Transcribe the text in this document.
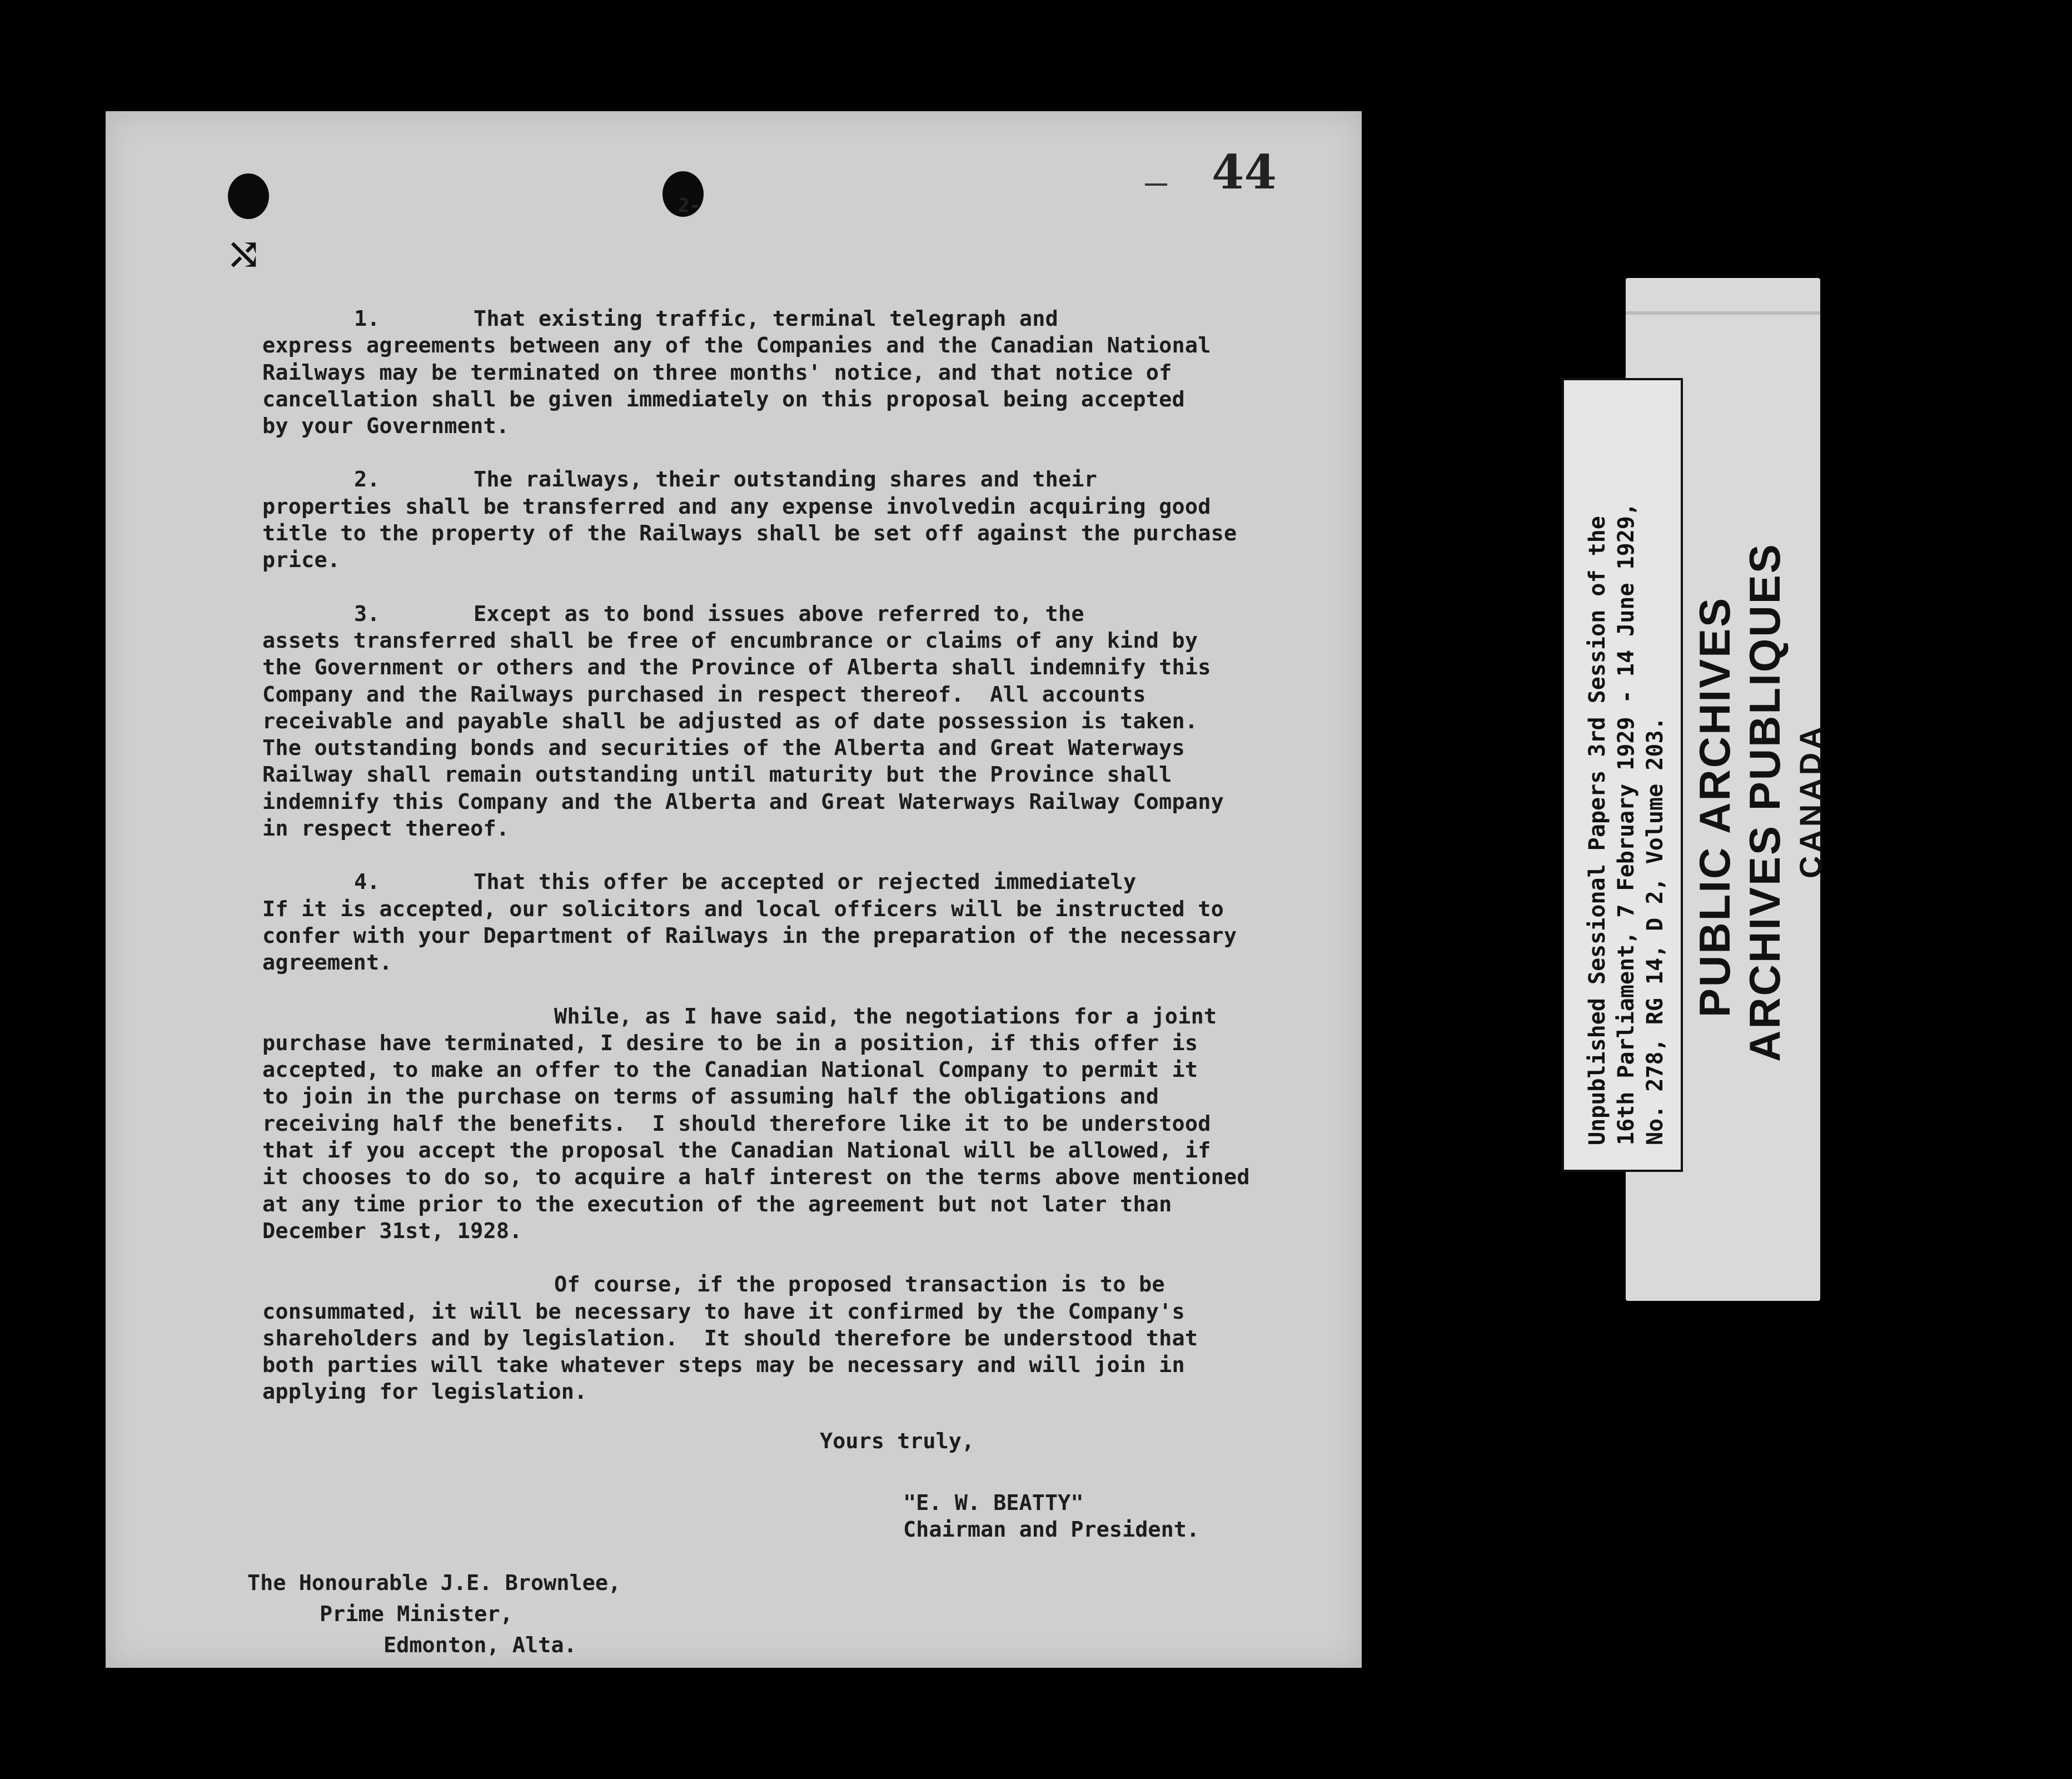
2-
44
⤭
1.	That existing traffic, terminal telegraph and
express agreements between any of the Companies and the Canadian National
Railways may be terminated on three months' notice, and that notice of
cancellation shall be given immediately on this proposal being accepted
by your Government.
2.	The railways, their outstanding shares and their
properties shall be transferred and any expense involvedin acquiring good
title to the property of the Railways shall be set off against the purchase
price.
3.	Except as to bond issues above referred to, the
assets transferred shall be free of encumbrance or claims of any kind by
the Government or others and the Province of Alberta shall indemnify this
Company and the Railways purchased in respect thereof.  All accounts
receivable and payable shall be adjusted as of date possession is taken.
The outstanding bonds and securities of the Alberta and Great Waterways
Railway shall remain outstanding until maturity but the Province shall
indemnify this Company and the Alberta and Great Waterways Railway Company
in respect thereof.
4.	That this offer be accepted or rejected immediately
If it is accepted, our solicitors and local officers will be instructed to
confer with your Department of Railways in the preparation of the necessary
agreement.
While, as I have said, the negotiations for a joint
purchase have terminated, I desire to be in a position, if this offer is
accepted, to make an offer to the Canadian National Company to permit it
to join in the purchase on terms of assuming half the obligations and
receiving half the benefits.  I should therefore like it to be understood
that if you accept the proposal the Canadian National will be allowed, if
it chooses to do so, to acquire a half interest on the terms above mentioned
at any time prior to the execution of the agreement but not later than
December 31st, 1928.
Of course, if the proposed transaction is to be
consummated, it will be necessary to have it confirmed by the Company's
shareholders and by legislation.  It should therefore be understood that
both parties will take whatever steps may be necessary and will join in
applying for legislation.
Yours truly,
"E. W. BEATTY"
Chairman and President.
The Honourable J.E. Brownlee,
Prime Minister,
Edmonton, Alta.
Unpublished Sessional Papers 3rd Session of the 16th Parliament, 7 February 1929 - 14 June 1929, No. 278, RG 14, D 2, Volume 203. PUBLIC ARCHIVES ARCHIVES PUBLIQUES CANADA
